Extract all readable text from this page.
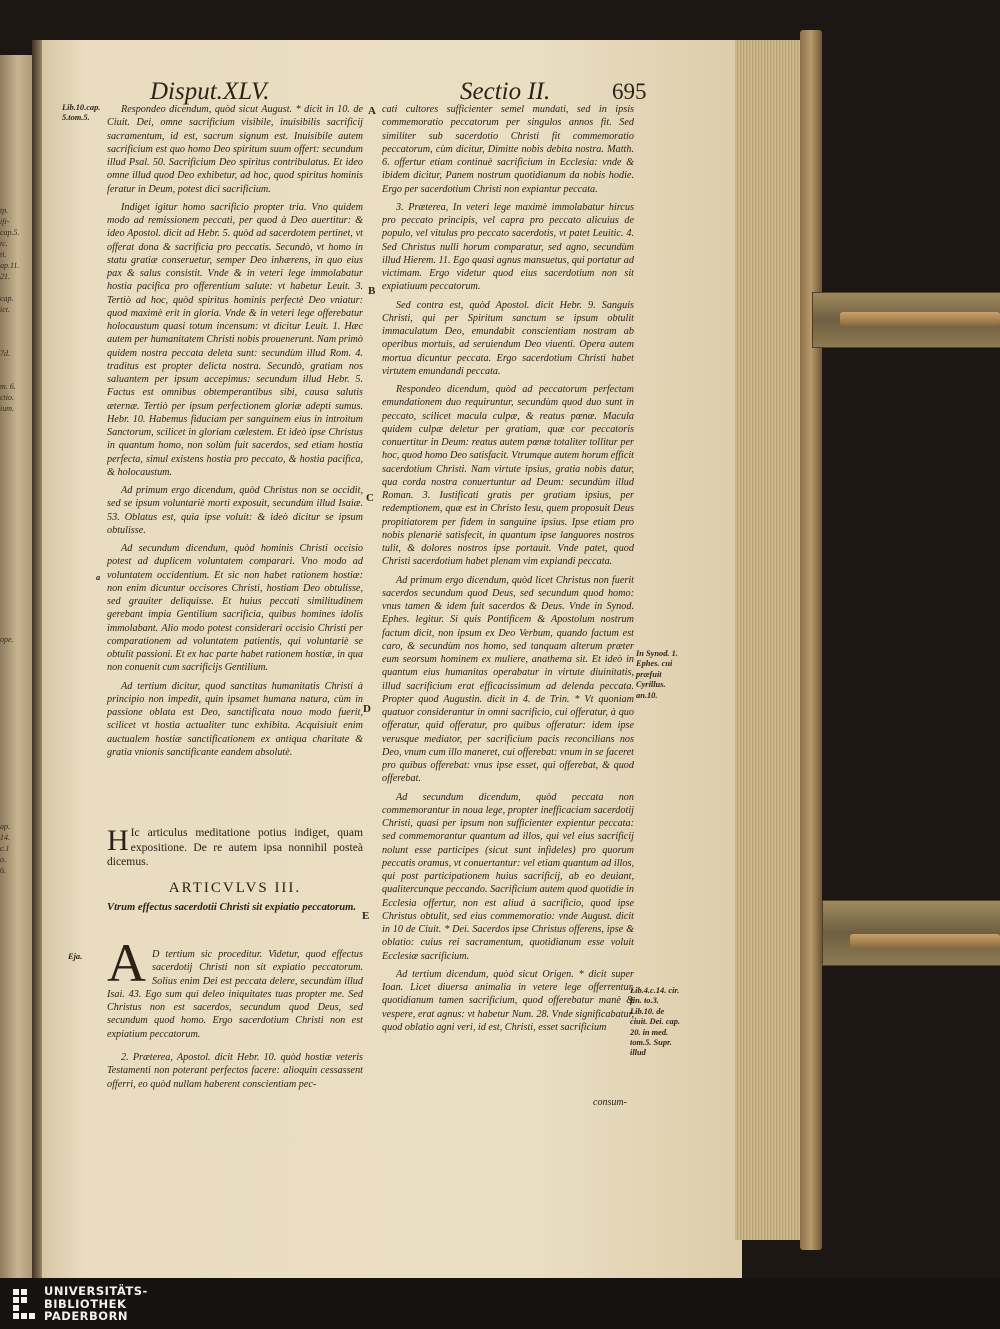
tp.
ifi-
cap.5.
tc.
ti.
ap.11.
21.

cap.
ict.

7d.

m. 6.
ctio.
ium.

ope.

ap.
14.
c.1
o.
6.
Disput.XLV.	Sectio II.	695
Lib.10.cap. 5.tom.5.
a
Eja.
A
B
C
D
E
In Synod. 1. Ephes. cui præfuit Cyrillus. an.10.
Lib.4.c.14. cir. fin. to.3. Lib.10. de ciuit. Dei. cap. 20. in med. tom.5. Supr. illud

Respondeo dicendum, quòd sicut August. * dicit in 10. de Ciuit. Dei, omne sacrificium visibile, inuisibilis sacrificij sacramentum, id est, sacrum signum est. Inuisibile autem sacrificium est quo homo Deo spiritum suum offert: secundum illud Psal. 50. Sacrificium Deo spiritus contribulatus. Et ideo omne illud quod Deo exhibetur, ad hoc, quod spiritus hominis feratur in Deum, potest dici sacrificium.

Indiget igitur homo sacrificio propter tria. Vno quidem modo ad remissionem peccati, per quod à Deo auertitur: & ideo Apostol. dicit ad Hebr. 5. quòd ad sacerdotem pertinet, vt offerat dona & sacrificia pro peccatis. Secundò, vt homo in statu gratiæ conseruetur, semper Deo inhærens, in quo eius pax & salus consistit. Vnde & in veteri lege immolabatur hostia pacifica pro offerentium salute: vt habetur Leuit. 3. Tertiò ad hoc, quòd spiritus hominis perfectè Deo vniatur: quod maximè erit in gloria. Vnde & in veteri lege offerebatur holocaustum quasi totum incensum: vt dicitur Leuit. 1. Hæc autem per humanitatem Christi nobis prouenerunt. Nam primò quidem nostra peccata deleta sunt: secundùm illud Rom. 4. traditus est propter delicta nostra. Secundò, gratiam nos saluantem per ipsum accepimus: secundum illud Hebr. 5. Factus est omnibus obtemperantibus sibi, causa salutis æternæ. Tertiò per ipsum perfectionem gloriæ adepti sumus. Hebr. 10. Habemus fiduciam per sanguinem eius in introitum Sanctorum, scilicet in gloriam cælestem. Et ideò ipse Christus in quantum homo, non solùm fuit sacerdos, sed etiam hostia perfecta, simul existens hostia pro peccato, & hostia pacifica, & holocaustum.

Ad primum ergo dicendum, quòd Christus non se occidit, sed se ipsum voluntariè morti exposuit, secundùm illud Isaiæ. 53. Oblatus est, quia ipse voluit: & ideò dicitur se ipsum obtulisse.

Ad secundum dicendum, quòd hominis Christi occisio potest ad duplicem voluntatem comparari. Vno modo ad voluntatem occidentium. Et sic non habet rationem hostiæ: non enim dicuntur occisores Christi, hostiam Deo obtulisse, sed grauiter deliquisse. Et huius peccati similitudinem gerebant impia Gentilium sacrificia, quibus homines idolis immolabant. Alio modo potest considerari occisio Christi per comparationem ad voluntatem patientis, qui voluntariè se obtulit passioni. Et ex hac parte habet rationem hostiæ, in qua non conuenit cum sacrificijs Gentilium.

Ad tertium dicitur, quod sanctitas humanitatis Christi à principio non impedit, quin ipsamet humana natura, cùm in passione oblata est Deo, sanctificata nouo modo fuerit, scilicet vt hostia actualiter tunc exhibita. Acquisiuit enim auctualem hostiæ sanctificationem ex antiqua charitate & gratia vnionis sanctificante eandem absolutè.

H Ic articulus meditatione potius indiget, quam expositione. De re autem ipsa nonnihil posteà dicemus.
ARTICVLVS III.
Vtrum effectus sacerdotii Christi sit expiatio peccatorum.
A D tertium sic proceditur. Videtur, quod effectus sacerdotij Christi non sit expiatio peccatorum. Solius enim Dei est peccata delere, secundùm illud Isai. 43. Ego sum qui deleo iniquitates tuas propter me. Sed Christus non est sacerdos, secundum quod Deus, sed secundum quod homo. Ergo sacerdotium Christi non est expiatium peccatorum.

2. Præterea, Apostol. dicit Hebr. 10. quòd hostiæ veteris Testamenti non poterant perfectos facere: alioquin cessassent offerri, eo quòd nullam haberent conscientiam pec-

cati cultores sufficienter semel mundati, sed in ipsis commemoratio peccatorum per singulos annos fit. Sed similiter sub sacerdotio Christi fit commemoratio peccatorum, cùm dicitur, Dimitte nobis debita nostra. Matth. 6. offertur etiam continuè sacrificium in Ecclesia: vnde & ibidem dicitur, Panem nostrum quotidianum da nobis hodie. Ergo per sacerdotium Christi non expiantur peccata.

3. Præterea, In veteri lege maximè immolabatur hircus pro peccato principis, vel capra pro peccato alicuius de populo, vel vitulus pro peccato sacerdotis, vt patet Leuitic. 4. Sed Christus nulli horum comparatur, sed agno, secundùm illud Hierem. 11. Ego quasi agnus mansuetus, qui portatur ad victimam. Ergo videtur quod eius sacerdotium non sit expiatiuum peccatorum.

Sed contra est, quòd Apostol. dicit Hebr. 9. Sanguis Christi, qui per Spiritum sanctum se ipsum obtulit immaculatum Deo, emundabit conscientiam nostram ab operibus mortuis, ad seruiendum Deo viuenti. Opera autem mortua dicuntur peccata. Ergo sacerdotium Christi habet virtutem emundandi peccata.

Respondeo dicendum, quòd ad peccatorum perfectam emundationem duo requiruntur, secundùm quod duo sunt in peccato, scilicet macula culpæ, & reatus pœnæ. Macula quidem culpæ deletur per gratiam, quæ cor peccatoris conuertitur in Deum: reatus autem pœnæ totaliter tollitur per hoc, quod homo Deo satisfacit. Vtrumque autem horum efficit sacerdotium Christi. Nam virtute ipsius, gratia nobis datur, qua corda nostra conuertuntur ad Deum: secundùm illud Roman. 3. Iustificati gratis per gratiam ipsius, per redemptionem, quæ est in Christo Iesu, quem proposuit Deus propitiatorem per fidem in sanguine ipsius. Ipse etiam pro nobis plenariè satisfecit, in quantum ipse languores nostros tulit, & dolores nostros ipse portauit. Vnde patet, quod Christi sacerdotium habet plenam vim expiandi peccata.

Ad primum ergo dicendum, quòd licet Christus non fuerit sacerdos secundum quod Deus, sed secundum quod homo: vnus tamen & idem fuit sacerdos & Deus. Vnde in Synod. Ephes. legitur. Si quis Pontificem & Apostolum nostrum factum dicit, non ipsum ex Deo Verbum, quando factum est caro, & secundùm nos homo, sed tanquam alterum præter eum seorsum hominem ex muliere, anathema sit. Et ideò in quantum eius humanitas operabatur in virtute diuinitatis, illud sacrificium erat efficacissimum ad delenda peccata. Propter quod Augustin. dicit in 4. de Trin. * Vt quoniam quatuor considerantur in omni sacrificio, cui offeratur, à quo offeratur, quid offeratur, pro quibus offeratur: idem ipse verusque mediator, per sacrificium pacis reconcilians nos Deo, vnum cum illo maneret, cui offerebat: vnum in se faceret pro quibus offerebat: vnus ipse esset, qui offerebat, & quod offerebat.

Ad secundum dicendum, quòd peccata non commemorantur in noua lege, propter inefficaciam sacerdotij Christi, quasi per ipsum non sufficienter expientur peccata: sed commemorantur quantum ad illos, qui vel eius sacrificij nolunt esse participes (sicut sunt infideles) pro quorum peccatis oramus, vt conuertantur: vel etiam quantum ad illos, qui post participationem huius sacrificij, ab eo deuiant, qualitercunque peccando. Sacrificium autem quod quotidie in Ecclesia offertur, non est aliud à sacrificio, quod ipse Christus obtulit, sed eius commemoratio: vnde August. dicit in 10 de Ciuit. * Dei. Sacerdos ipse Christus offerens, ipse & oblatio: cuius rei sacramentum, quotidianum esse voluit Ecclesiæ sacrificium.

Ad tertium dicendum, quòd sicut Origen. * dicit super Ioan. Licet diuersa animalia in vetere lege offerrentur, quotidianum tamen sacrificium, quod offerebatur manè & vespere, erat agnus: vt habetur Num. 28. Vnde significabatur, quod oblatio agni veri, id est, Christi, esset sacrificium

consum-
UNIVERSITÄTS-
BIBLIOTHEK
PADERBORN
